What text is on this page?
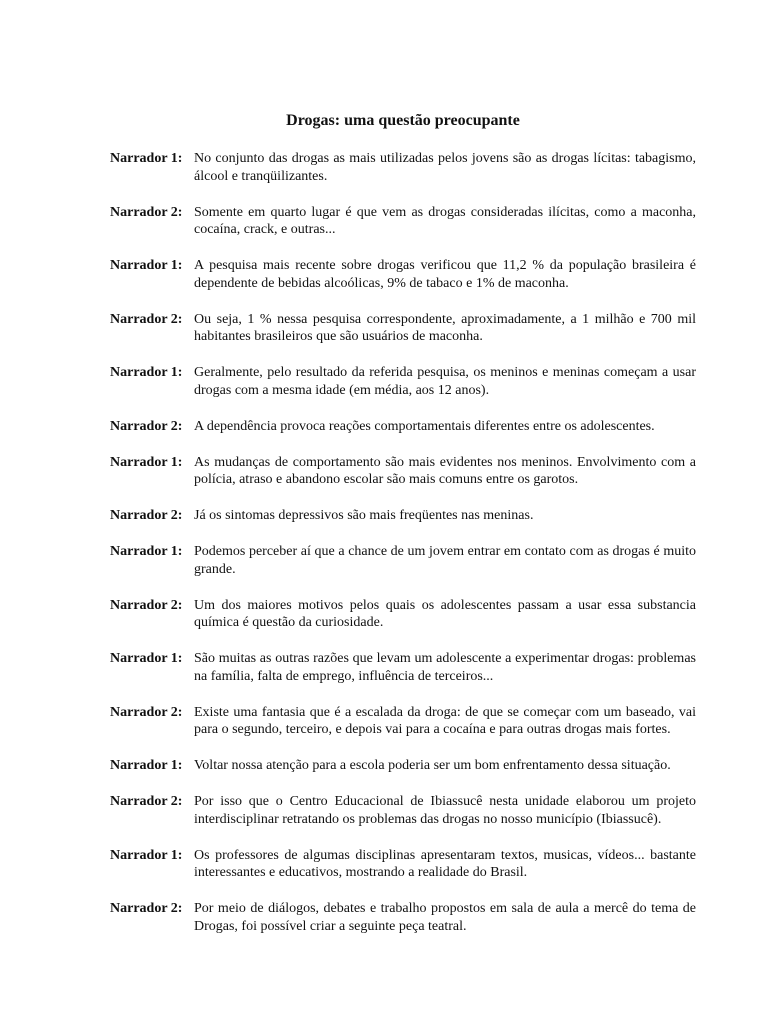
Drogas: uma questão preocupante
Narrador 1: No conjunto das drogas as mais utilizadas pelos jovens são as drogas lícitas: tabagismo, álcool e tranqüilizantes.
Narrador 2: Somente em quarto lugar é que vem as drogas consideradas ilícitas, como a maconha, cocaína, crack, e outras...
Narrador 1: A pesquisa mais recente sobre drogas verificou que 11,2 % da população brasileira é dependente de bebidas alcoólicas, 9% de tabaco e 1% de maconha.
Narrador 2: Ou seja, 1 % nessa pesquisa correspondente, aproximadamente, a 1 milhão e 700 mil habitantes brasileiros que são usuários de maconha.
Narrador 1: Geralmente, pelo resultado da referida pesquisa, os meninos e meninas começam a usar drogas com a mesma idade (em média, aos 12 anos).
Narrador 2: A dependência provoca reações comportamentais diferentes entre os adolescentes.
Narrador 1: As mudanças de comportamento são mais evidentes nos meninos. Envolvimento com a polícia, atraso e abandono escolar são mais comuns entre os garotos.
Narrador 2: Já os sintomas depressivos são mais freqüentes nas meninas.
Narrador 1: Podemos perceber aí que a chance de um jovem entrar em contato com as drogas é muito grande.
Narrador 2: Um dos maiores motivos pelos quais os adolescentes passam a usar essa substancia química é questão da curiosidade.
Narrador 1: São muitas as outras razões que levam um adolescente a experimentar drogas: problemas na família, falta de emprego, influência de terceiros...
Narrador 2: Existe uma fantasia que é a escalada da droga: de que se começar com um baseado, vai para o segundo, terceiro, e depois vai para a cocaína e para outras drogas mais fortes.
Narrador 1: Voltar nossa atenção para a escola poderia ser um bom enfrentamento dessa situação.
Narrador 2: Por isso que o Centro Educacional de Ibiassucê nesta unidade elaborou um projeto interdisciplinar retratando os problemas das drogas no nosso município (Ibiassucê).
Narrador 1: Os professores de algumas disciplinas apresentaram textos, musicas, vídeos... bastante interessantes e educativos, mostrando a realidade do Brasil.
Narrador 2: Por meio de diálogos, debates e trabalho propostos em sala de aula a mercê do tema de Drogas, foi possível criar a seguinte peça teatral.
